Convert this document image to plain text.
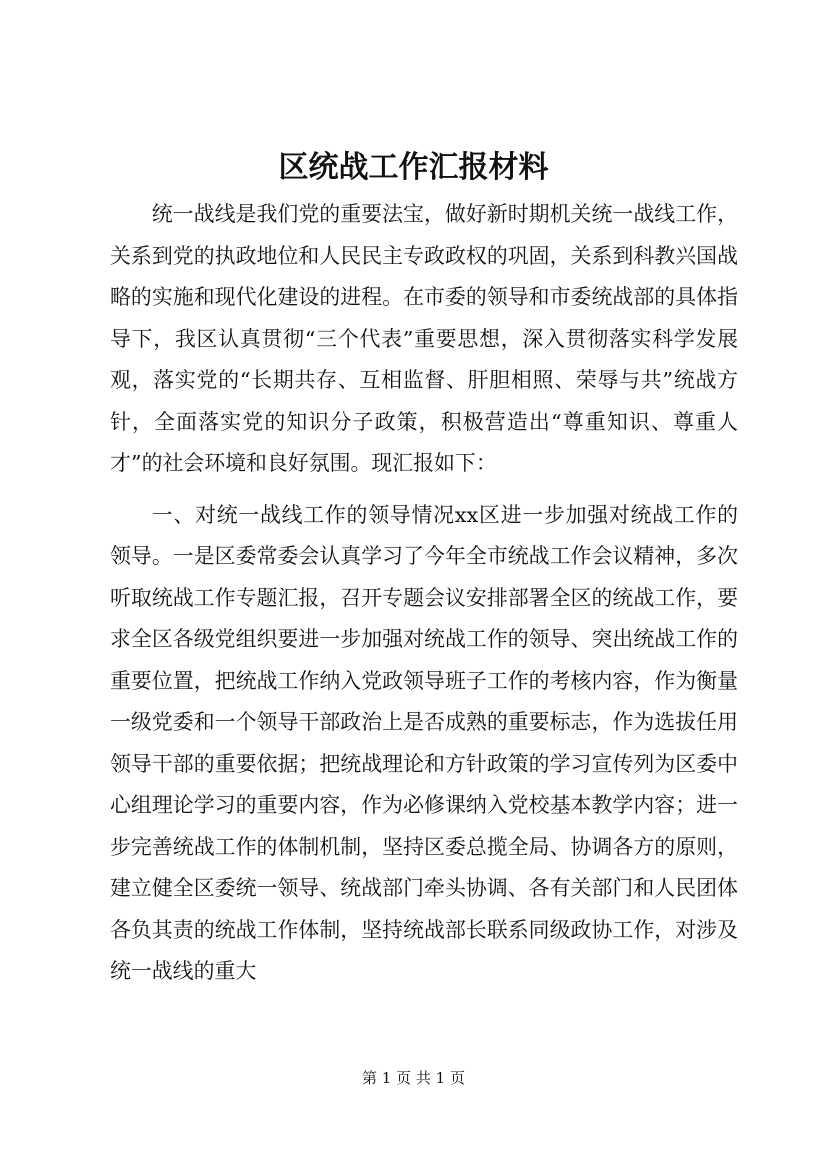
区统战工作汇报材料

统一战线是我们党的重要法宝，做好新时期机关统一战线工作，关系到党的执政地位和人民民主专政政权的巩固，关系到科教兴国战略的实施和现代化建设的进程。在市委的领导和市委统战部的具体指导下，我区认真贯彻“三个代表”重要思想，深入贯彻落实科学发展观，落实党的“长期共存、互相监督、肝胆相照、荣辱与共”统战方针，全面落实党的知识分子政策，积极营造出“尊重知识、尊重人才”的社会环境和良好氛围。现汇报如下：

一、对统一战线工作的领导情况xx区进一步加强对统战工作的领导。一是区委常委会认真学习了今年全市统战工作会议精神，多次听取统战工作专题汇报，召开专题会议安排部署全区的统战工作，要求全区各级党组织要进一步加强对统战工作的领导、突出统战工作的重要位置，把统战工作纳入党政领导班子工作的考核内容，作为衡量一级党委和一个领导干部政治上是否成熟的重要标志，作为选拔任用领导干部的重要依据；把统战理论和方针政策的学习宣传列为区委中心组理论学习的重要内容，作为必修课纳入党校基本教学内容；进一步完善统战工作的体制机制，坚持区委总揽全局、协调各方的原则，建立健全区委统一领导、统战部门牵头协调、各有关部门和人民团体各负其责的统战工作体制，坚持统战部长联系同级政协工作，对涉及统一战线的重大

第 1 页 共 1 页
